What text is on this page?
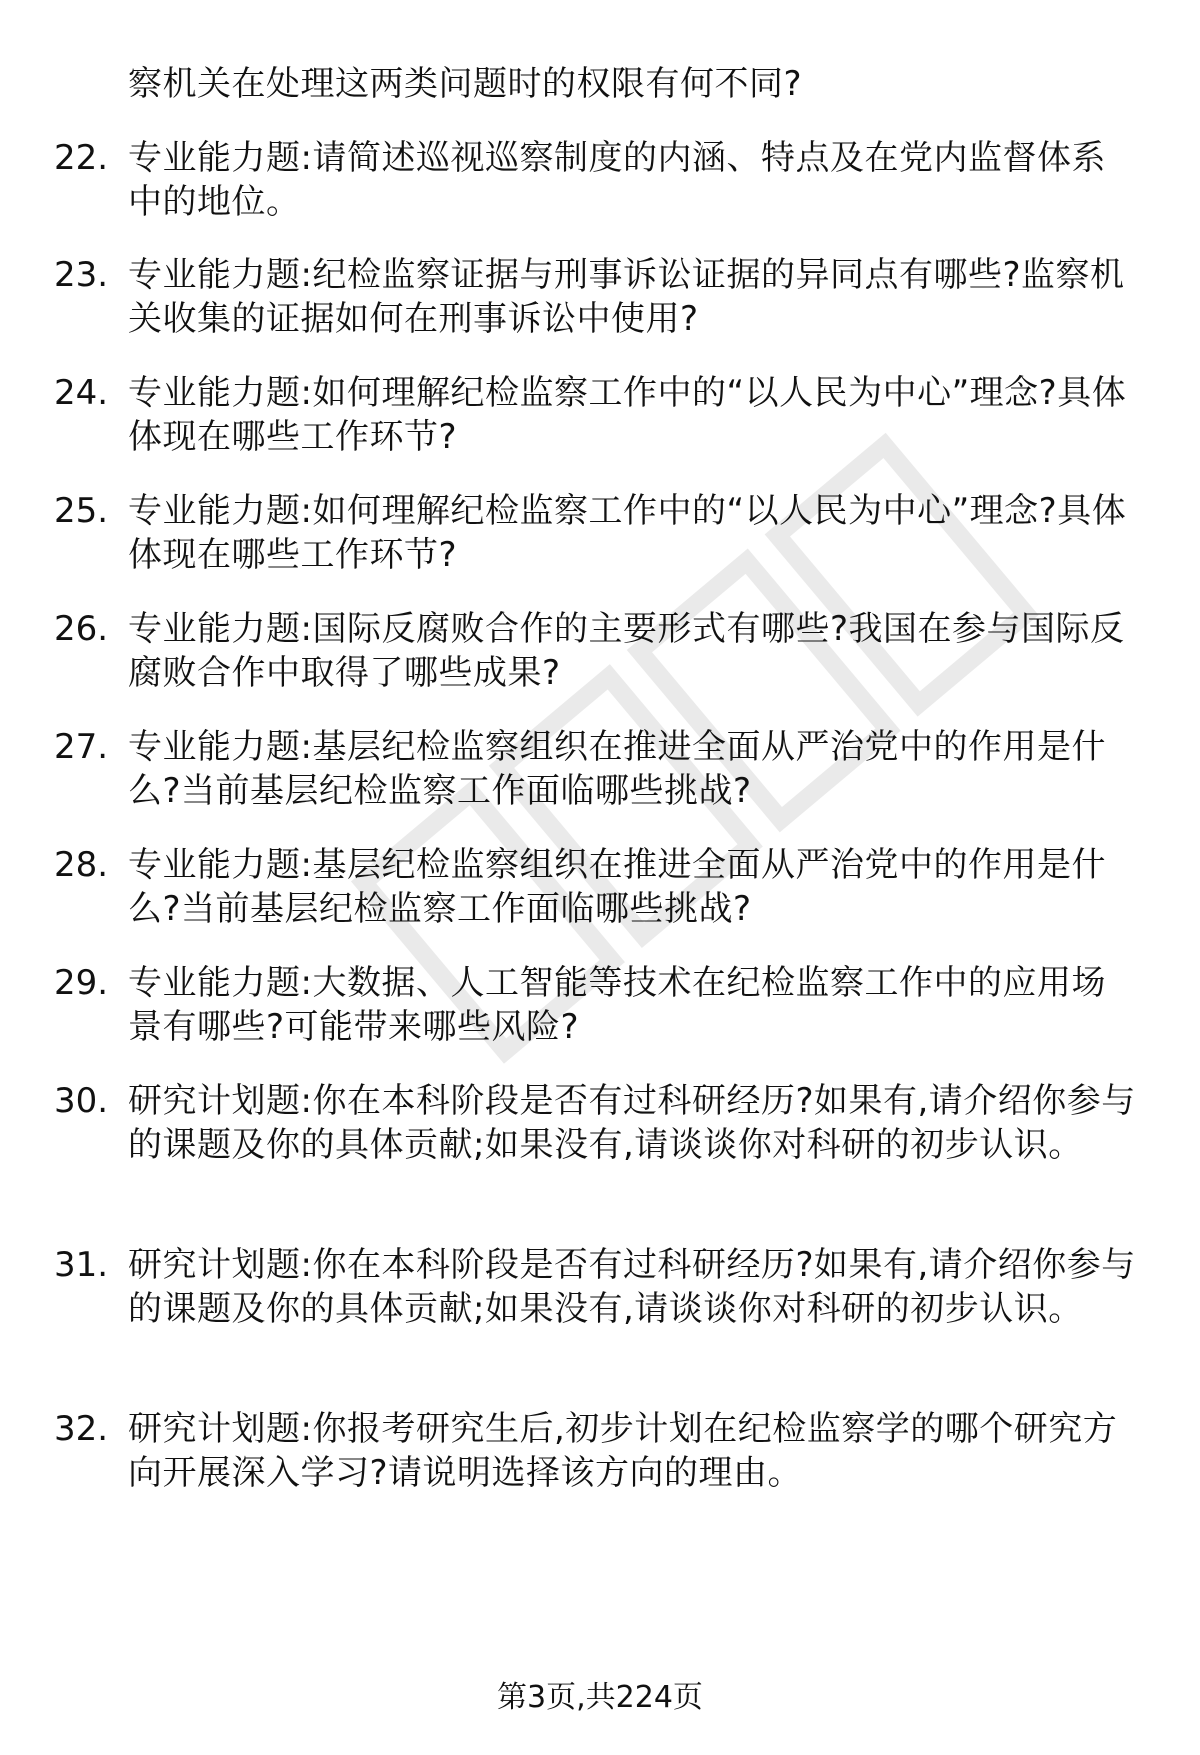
察机关在处理这两类问题时的权限有何不同?
22. 专业能力题:请简述巡视巡察制度的内涵、特点及在党内监督体系中的地位。
23. 专业能力题:纪检监察证据与刑事诉讼证据的异同点有哪些?监察机关收集的证据如何在刑事诉讼中使用?
24. 专业能力题:如何理解纪检监察工作中的“以人民为中心”理念?具体体现在哪些工作环节?
25. 专业能力题:如何理解纪检监察工作中的“以人民为中心”理念?具体体现在哪些工作环节?
26. 专业能力题:国际反腐败合作的主要形式有哪些?我国在参与国际反腐败合作中取得了哪些成果?
27. 专业能力题:基层纪检监察组织在推进全面从严治党中的作用是什么?当前基层纪检监察工作面临哪些挑战?
28. 专业能力题:基层纪检监察组织在推进全面从严治党中的作用是什么?当前基层纪检监察工作面临哪些挑战?
29. 专业能力题:大数据、人工智能等技术在纪检监察工作中的应用场景有哪些?可能带来哪些风险?
30. 研究计划题:你在本科阶段是否有过科研经历?如果有,请介绍你参与的课题及你的具体贡献;如果没有,请谈谈你对科研的初步认识。
31. 研究计划题:你在本科阶段是否有过科研经历?如果有,请介绍你参与的课题及你的具体贡献;如果没有,请谈谈你对科研的初步认识。
32. 研究计划题:你报考研究生后,初步计划在纪检监察学的哪个研究方向开展深入学习?请说明选择该方向的理由。
第3页,共224页
